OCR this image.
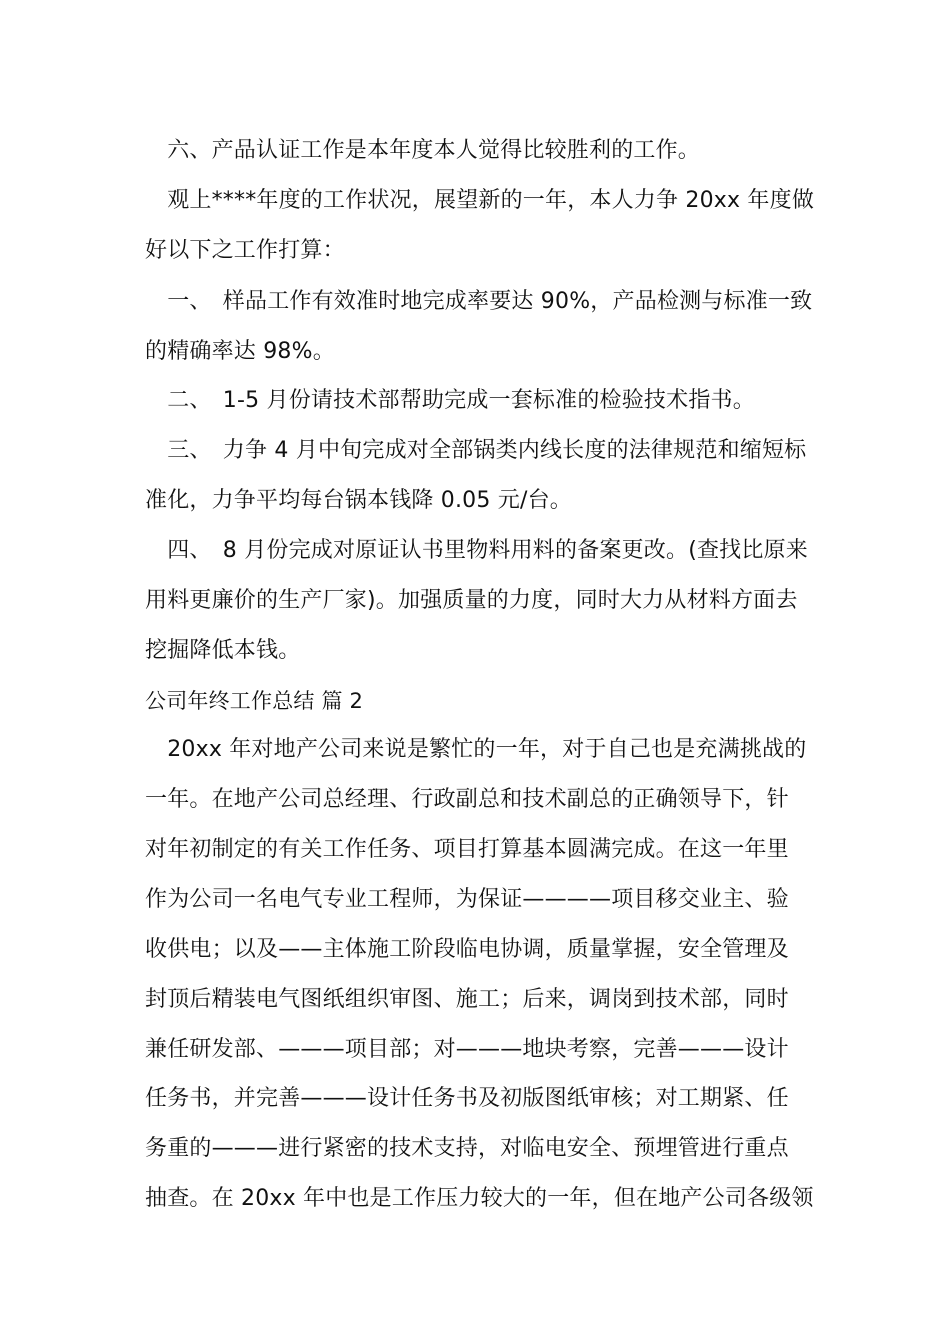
　六、产品认证工作是本年度本人觉得比较胜利的工作。
　观上****年度的工作状况，展望新的一年，本人力争 20xx 年度做
好以下之工作打算：
　一、　样品工作有效准时地完成率要达 90%，产品检测与标准一致
的精确率达 98%。
　二、　1-5 月份请技术部帮助完成一套标准的检验技术指书。
　三、　力争 4 月中旬完成对全部锅类内线长度的法律规范和缩短标
准化，力争平均每台锅本钱降 0.05 元/台。
　四、　8 月份完成对原证认书里物料用料的备案更改。(查找比原来
用料更廉价的生产厂家)。加强质量的力度，同时大力从材料方面去
挖掘降低本钱。
公司年终工作总结 篇 2
　20xx 年对地产公司来说是繁忙的一年，对于自己也是充满挑战的
一年。在地产公司总经理、行政副总和技术副总的正确领导下，针
对年初制定的有关工作任务、项目打算基本圆满完成。在这一年里
作为公司一名电气专业工程师，为保证————项目移交业主、验
收供电；以及——主体施工阶段临电协调，质量掌握，安全管理及
封顶后精装电气图纸组织审图、施工；后来，调岗到技术部，同时
兼任研发部、———项目部；对———地块考察，完善———设计
任务书，并完善———设计任务书及初版图纸审核；对工期紧、任
务重的———进行紧密的技术支持，对临电安全、预埋管进行重点
抽查。在 20xx 年中也是工作压力较大的一年，但在地产公司各级领
